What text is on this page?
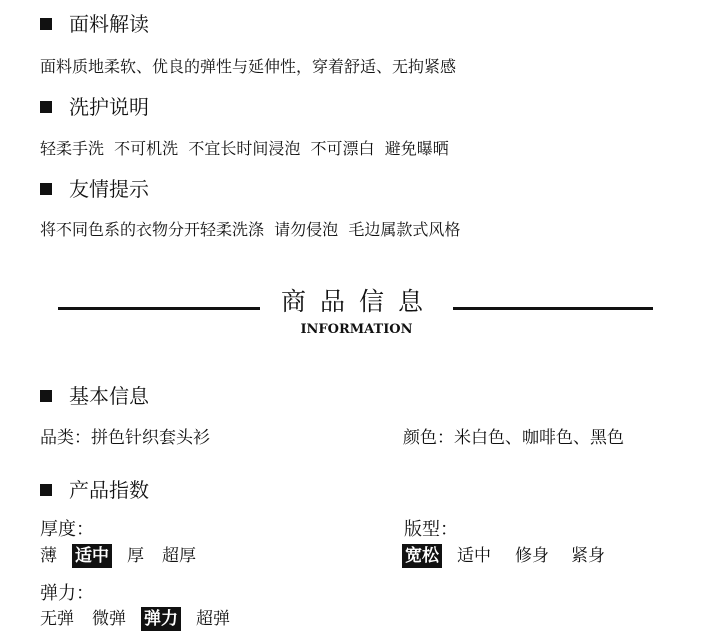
面料解读
面料质地柔软、优良的弹性与延伸性，穿着舒适、无拘紧感
洗护说明
轻柔手洗  不可机洗  不宜长时间浸泡  不可漂白  避免曝晒
友情提示
将不同色系的衣物分开轻柔洗涤  请勿侵泡  毛边属款式风格
商品信息
INFORMATION
基本信息
品类：拼色针织套头衫	颜色：米白色、咖啡色、黑色
产品指数
厚度：
薄 适中 厚 超厚
版型：
宽松 适中 修身 紧身
弹力：
无弹 微弹 弹力 超弹
